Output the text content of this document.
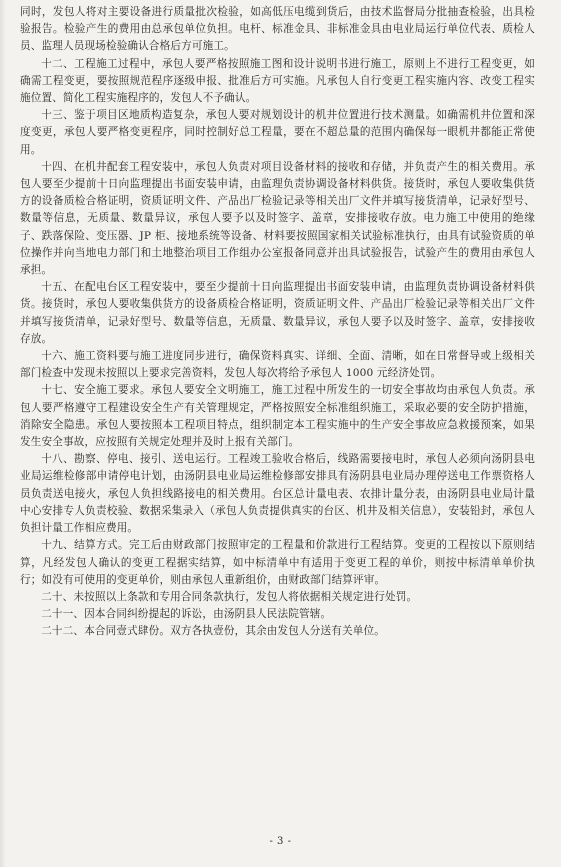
同时，发包人将对主要设备进行质量批次检验，如高低压电缆到货后，由技术监督局分批抽查检验，出具检验报告。检验产生的费用由总承包单位负担。电杆、标准金具、非标准金具由电业局运行单位代表、质检人员、监理人员现场检验确认合格后方可施工。

十二、工程施工过程中，承包人要严格按照施工图和设计说明书进行施工，原则上不进行工程变更，如确需工程变更，要按照规范程序逐级申报、批准后方可实施。凡承包人自行变更工程实施内容、改变工程实施位置、简化工程实施程序的，发包人不予确认。

十三、鉴于项目区地质构造复杂，承包人要对规划设计的机井位置进行技术测量。如确需机井位置和深度变更，承包人要严格变更程序，同时控制好总工程量，要在不超总量的范围内确保每一眼机井都能正常使用。

十四、在机井配套工程安装中，承包人负责对项目设备材料的接收和存储，并负责产生的相关费用。承包人要至少提前十日向监理提出书面安装申请，由监理负责协调设备材料供货。接货时，承包人要收集供货方的设备质检合格证明，资质证明文件、产品出厂检验记录等相关出厂文件并填写接货清单，记录好型号、数量等信息，无质量、数量异议，承包人要予以及时签字、盖章，安排接收存放。电力施工中使用的绝缘子、跌落保险、变压器、JP 柜、接地系统等设备、材料要按照国家相关试验标准执行，由具有试验资质的单位操作并向当地电力部门和土地整治项目工作组办公室报备同意并出具试验报告，试验产生的费用由承包人承担。

十五、在配电台区工程安装中，要至少提前十日向监理提出书面安装申请，由监理负责协调设备材料供货。接货时，承包人要收集供货方的设备质检合格证明，资质证明文件、产品出厂检验记录等相关出厂文件并填写接货清单，记录好型号、数量等信息，无质量、数量异议，承包人要予以及时签字、盖章，安排接收存放。

十六、施工资料要与施工进度同步进行，确保资料真实、详细、全面、清晰，如在日常督导或上级相关部门检查中发现未按照以上要求完善资料，发包人每次将给予承包人 1000 元经济处罚。

十七、安全施工要求。承包人要安全文明施工，施工过程中所发生的一切安全事故均由承包人负责。承包人要严格遵守工程建设安全生产有关管理规定，严格按照安全标准组织施工，采取必要的安全防护措施，消除安全隐患。承包人要按照本工程项目特点，组织制定本工程实施中的生产安全事故应急救援预案，如果发生安全事故，应按照有关规定处理并及时上报有关部门。

十八、勘察、停电、接引、送电运行。工程竣工验收合格后，线路需要接电时，承包人必须向汤阴县电业局运维检修部申请停电计划，由汤阴县电业局运维检修部安排具有汤阴县电业局办理停送电工作票资格人员负责送电接火，承包人负担线路接电的相关费用。台区总计量电表、农排计量分表，由汤阴县电业局计量中心安排专人负责校验、数据采集录入（承包人负责提供真实的台区、机井及相关信息），安装铅封，承包人负担计量工作相应费用。

十九、结算方式。完工后由财政部门按照审定的工程量和价款进行工程结算。变更的工程按以下原则结算，凡经发包人确认的变更工程据实结算，如中标清单中有适用于变更工程的单价，则按中标清单单价执行；如没有可使用的变更单价，则由承包人重新组价，由财政部门结算评审。

二十、未按照以上条款和专用合同条款执行，发包人将依据相关规定进行处罚。

二十一、因本合同纠纷提起的诉讼，由汤阴县人民法院管辖。

二十二、本合同壹式肆份。双方各执壹份，其余由发包人分送有关单位。

- 3 -
